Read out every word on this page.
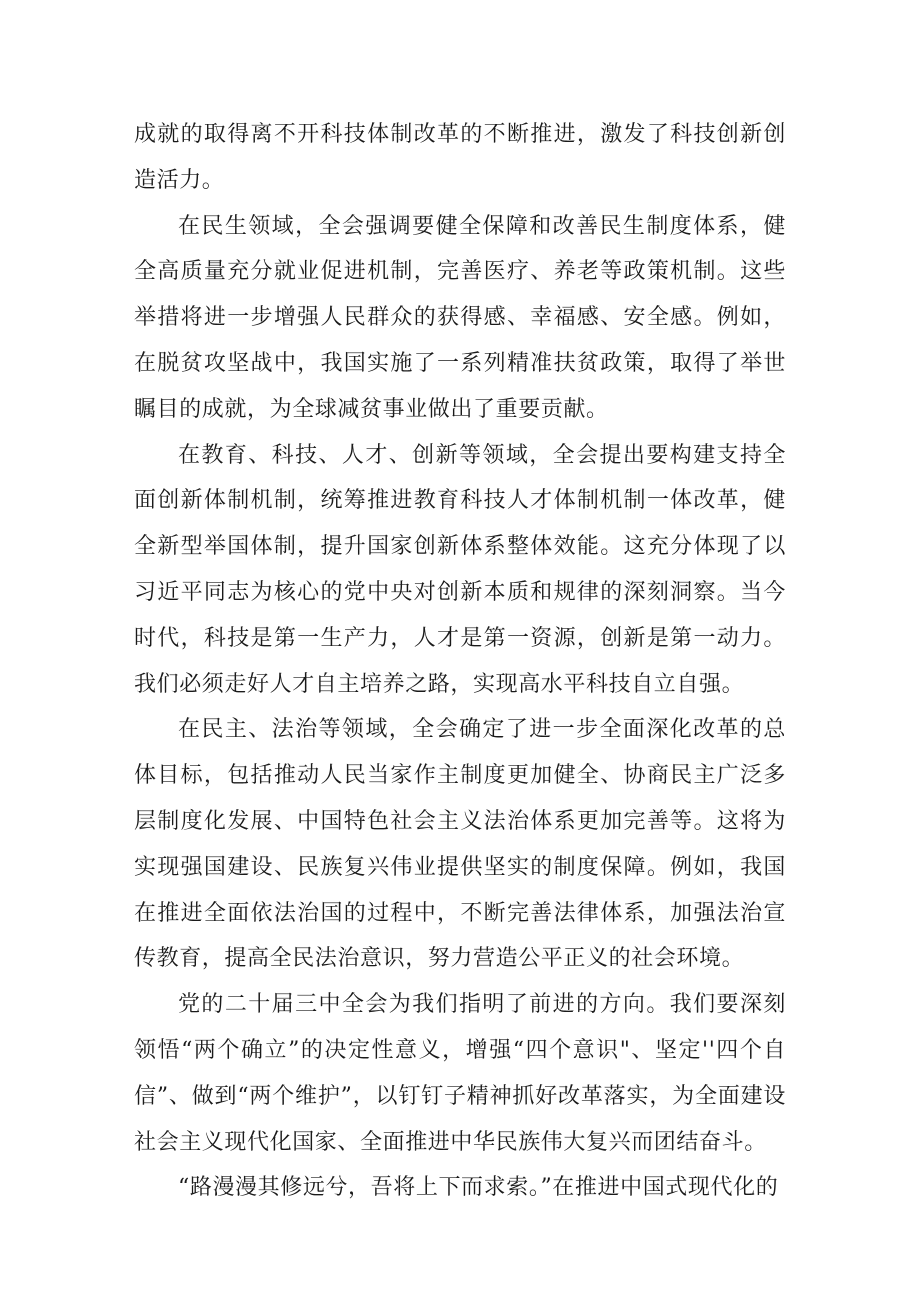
成就的取得离不开科技体制改革的不断推进，激发了科技创新创造活力。

在民生领域，全会强调要健全保障和改善民生制度体系，健全高质量充分就业促进机制，完善医疗、养老等政策机制。这些举措将进一步增强人民群众的获得感、幸福感、安全感。例如，在脱贫攻坚战中，我国实施了一系列精准扶贫政策，取得了举世瞩目的成就，为全球减贫事业做出了重要贡献。

在教育、科技、人才、创新等领域，全会提出要构建支持全面创新体制机制，统筹推进教育科技人才体制机制一体改革，健全新型举国体制，提升国家创新体系整体效能。这充分体现了以习近平同志为核心的党中央对创新本质和规律的深刻洞察。当今时代，科技是第一生产力，人才是第一资源，创新是第一动力。我们必须走好人才自主培养之路，实现高水平科技自立自强。

在民主、法治等领域，全会确定了进一步全面深化改革的总体目标，包括推动人民当家作主制度更加健全、协商民主广泛多层制度化发展、中国特色社会主义法治体系更加完善等。这将为实现强国建设、民族复兴伟业提供坚实的制度保障。例如，我国在推进全面依法治国的过程中，不断完善法律体系，加强法治宣传教育，提高全民法治意识，努力营造公平正义的社会环境。

党的二十届三中全会为我们指明了前进的方向。我们要深刻领悟“两个确立”的决定性意义，增强“四个意识"、坚定''四个自信”、做到“两个维护”，以钉钉子精神抓好改革落实，为全面建设社会主义现代化国家、全面推进中华民族伟大复兴而团结奋斗。

“路漫漫其修远兮，吾将上下而求索。”在推进中国式现代化的
